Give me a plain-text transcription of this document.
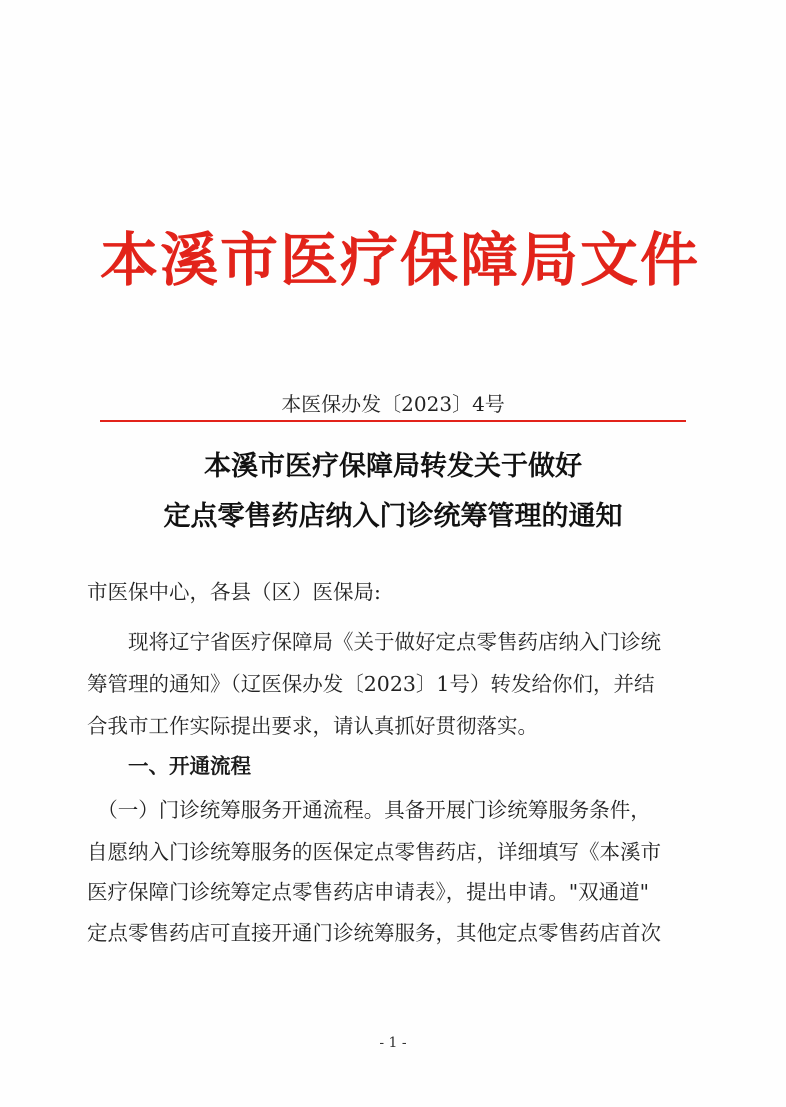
本溪市医疗保障局文件
本医保办发〔2023〕4号
本溪市医疗保障局转发关于做好
定点零售药店纳入门诊统筹管理的通知
市医保中心，各县（区）医保局:
　　现将辽宁省医疗保障局《关于做好定点零售药店纳入门诊统
筹管理的通知》（辽医保办发〔2023〕1号）转发给你们，并结
合我市工作实际提出要求，请认真抓好贯彻落实。
一、开通流程
　（一）门诊统筹服务开通流程。具备开展门诊统筹服务条件，
自愿纳入门诊统筹服务的医保定点零售药店，详细填写《本溪市
医疗保障门诊统筹定点零售药店申请表》，提出申请。"双通道"
定点零售药店可直接开通门诊统筹服务，其他定点零售药店首次
- 1 -
